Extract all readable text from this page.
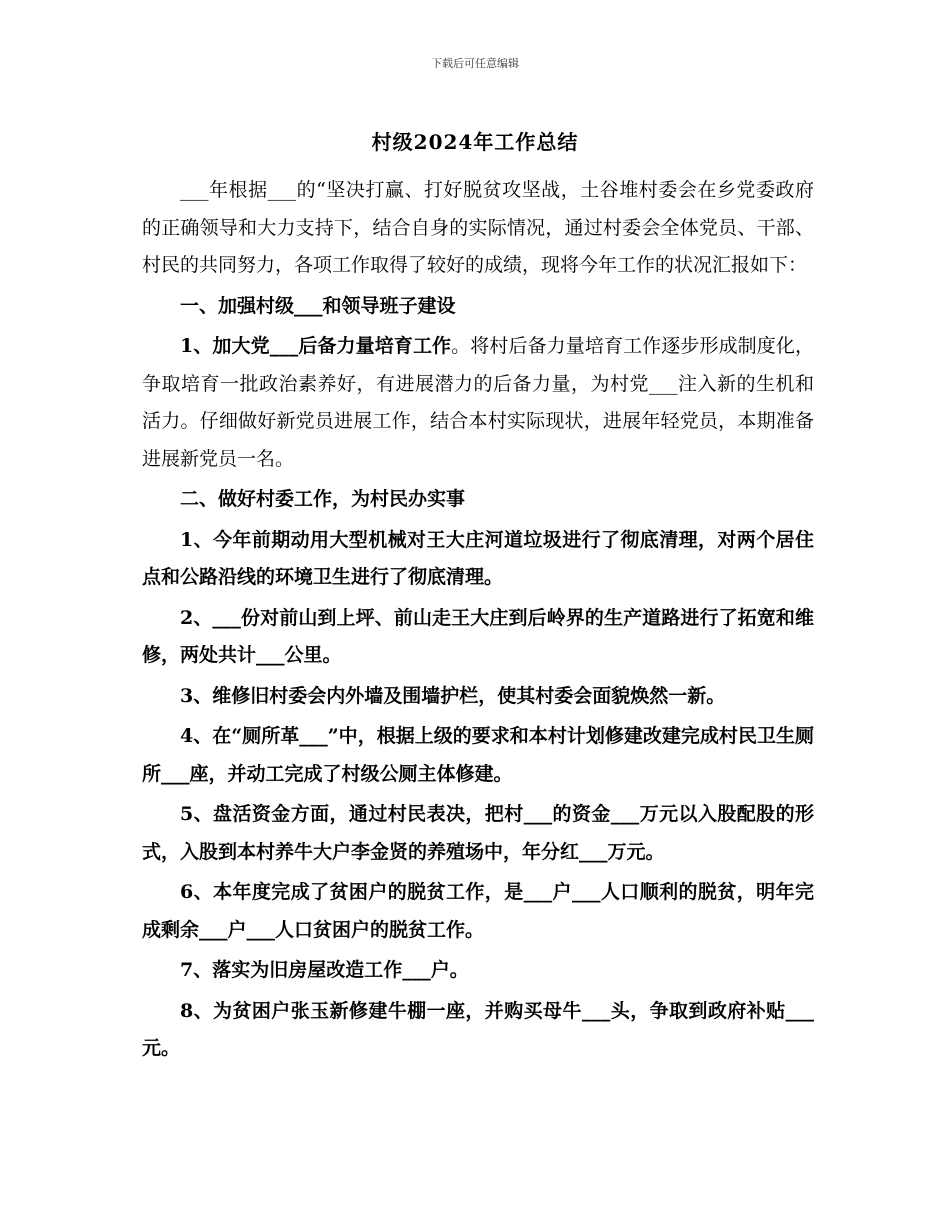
下载后可任意编辑
村级2024年工作总结

___年根据___的“坚决打赢、打好脱贫攻坚战，土谷堆村委会在乡党委政府的正确领导和大力支持下，结合自身的实际情况，通过村委会全体党员、干部、村民的共同努力，各项工作取得了较好的成绩，现将今年工作的状况汇报如下：

一、加强村级___和领导班子建设

1、加大党___后备力量培育工作。将村后备力量培育工作逐步形成制度化，争取培育一批政治素养好，有进展潜力的后备力量，为村党___注入新的生机和活力。仔细做好新党员进展工作，结合本村实际现状，进展年轻党员，本期准备进展新党员一名。

二、做好村委工作，为村民办实事

1、今年前期动用大型机械对王大庄河道垃圾进行了彻底清理，对两个居住点和公路沿线的环境卫生进行了彻底清理。

2、___份对前山到上坪、前山走王大庄到后岭界的生产道路进行了拓宽和维修，两处共计___公里。

3、维修旧村委会内外墙及围墙护栏，使其村委会面貌焕然一新。

4、在“厕所革___”中，根据上级的要求和本村计划修建改建完成村民卫生厕所___座，并动工完成了村级公厕主体修建。

5、盘活资金方面，通过村民表决，把村___的资金___万元以入股配股的形式，入股到本村养牛大户李金贤的养殖场中，年分红___万元。

6、本年度完成了贫困户的脱贫工作，是___户___人口顺利的脱贫，明年完成剩余___户___人口贫困户的脱贫工作。

7、落实为旧房屋改造工作___户。

8、为贫困户张玉新修建牛棚一座，并购买母牛___头，争取到政府补贴___元。
